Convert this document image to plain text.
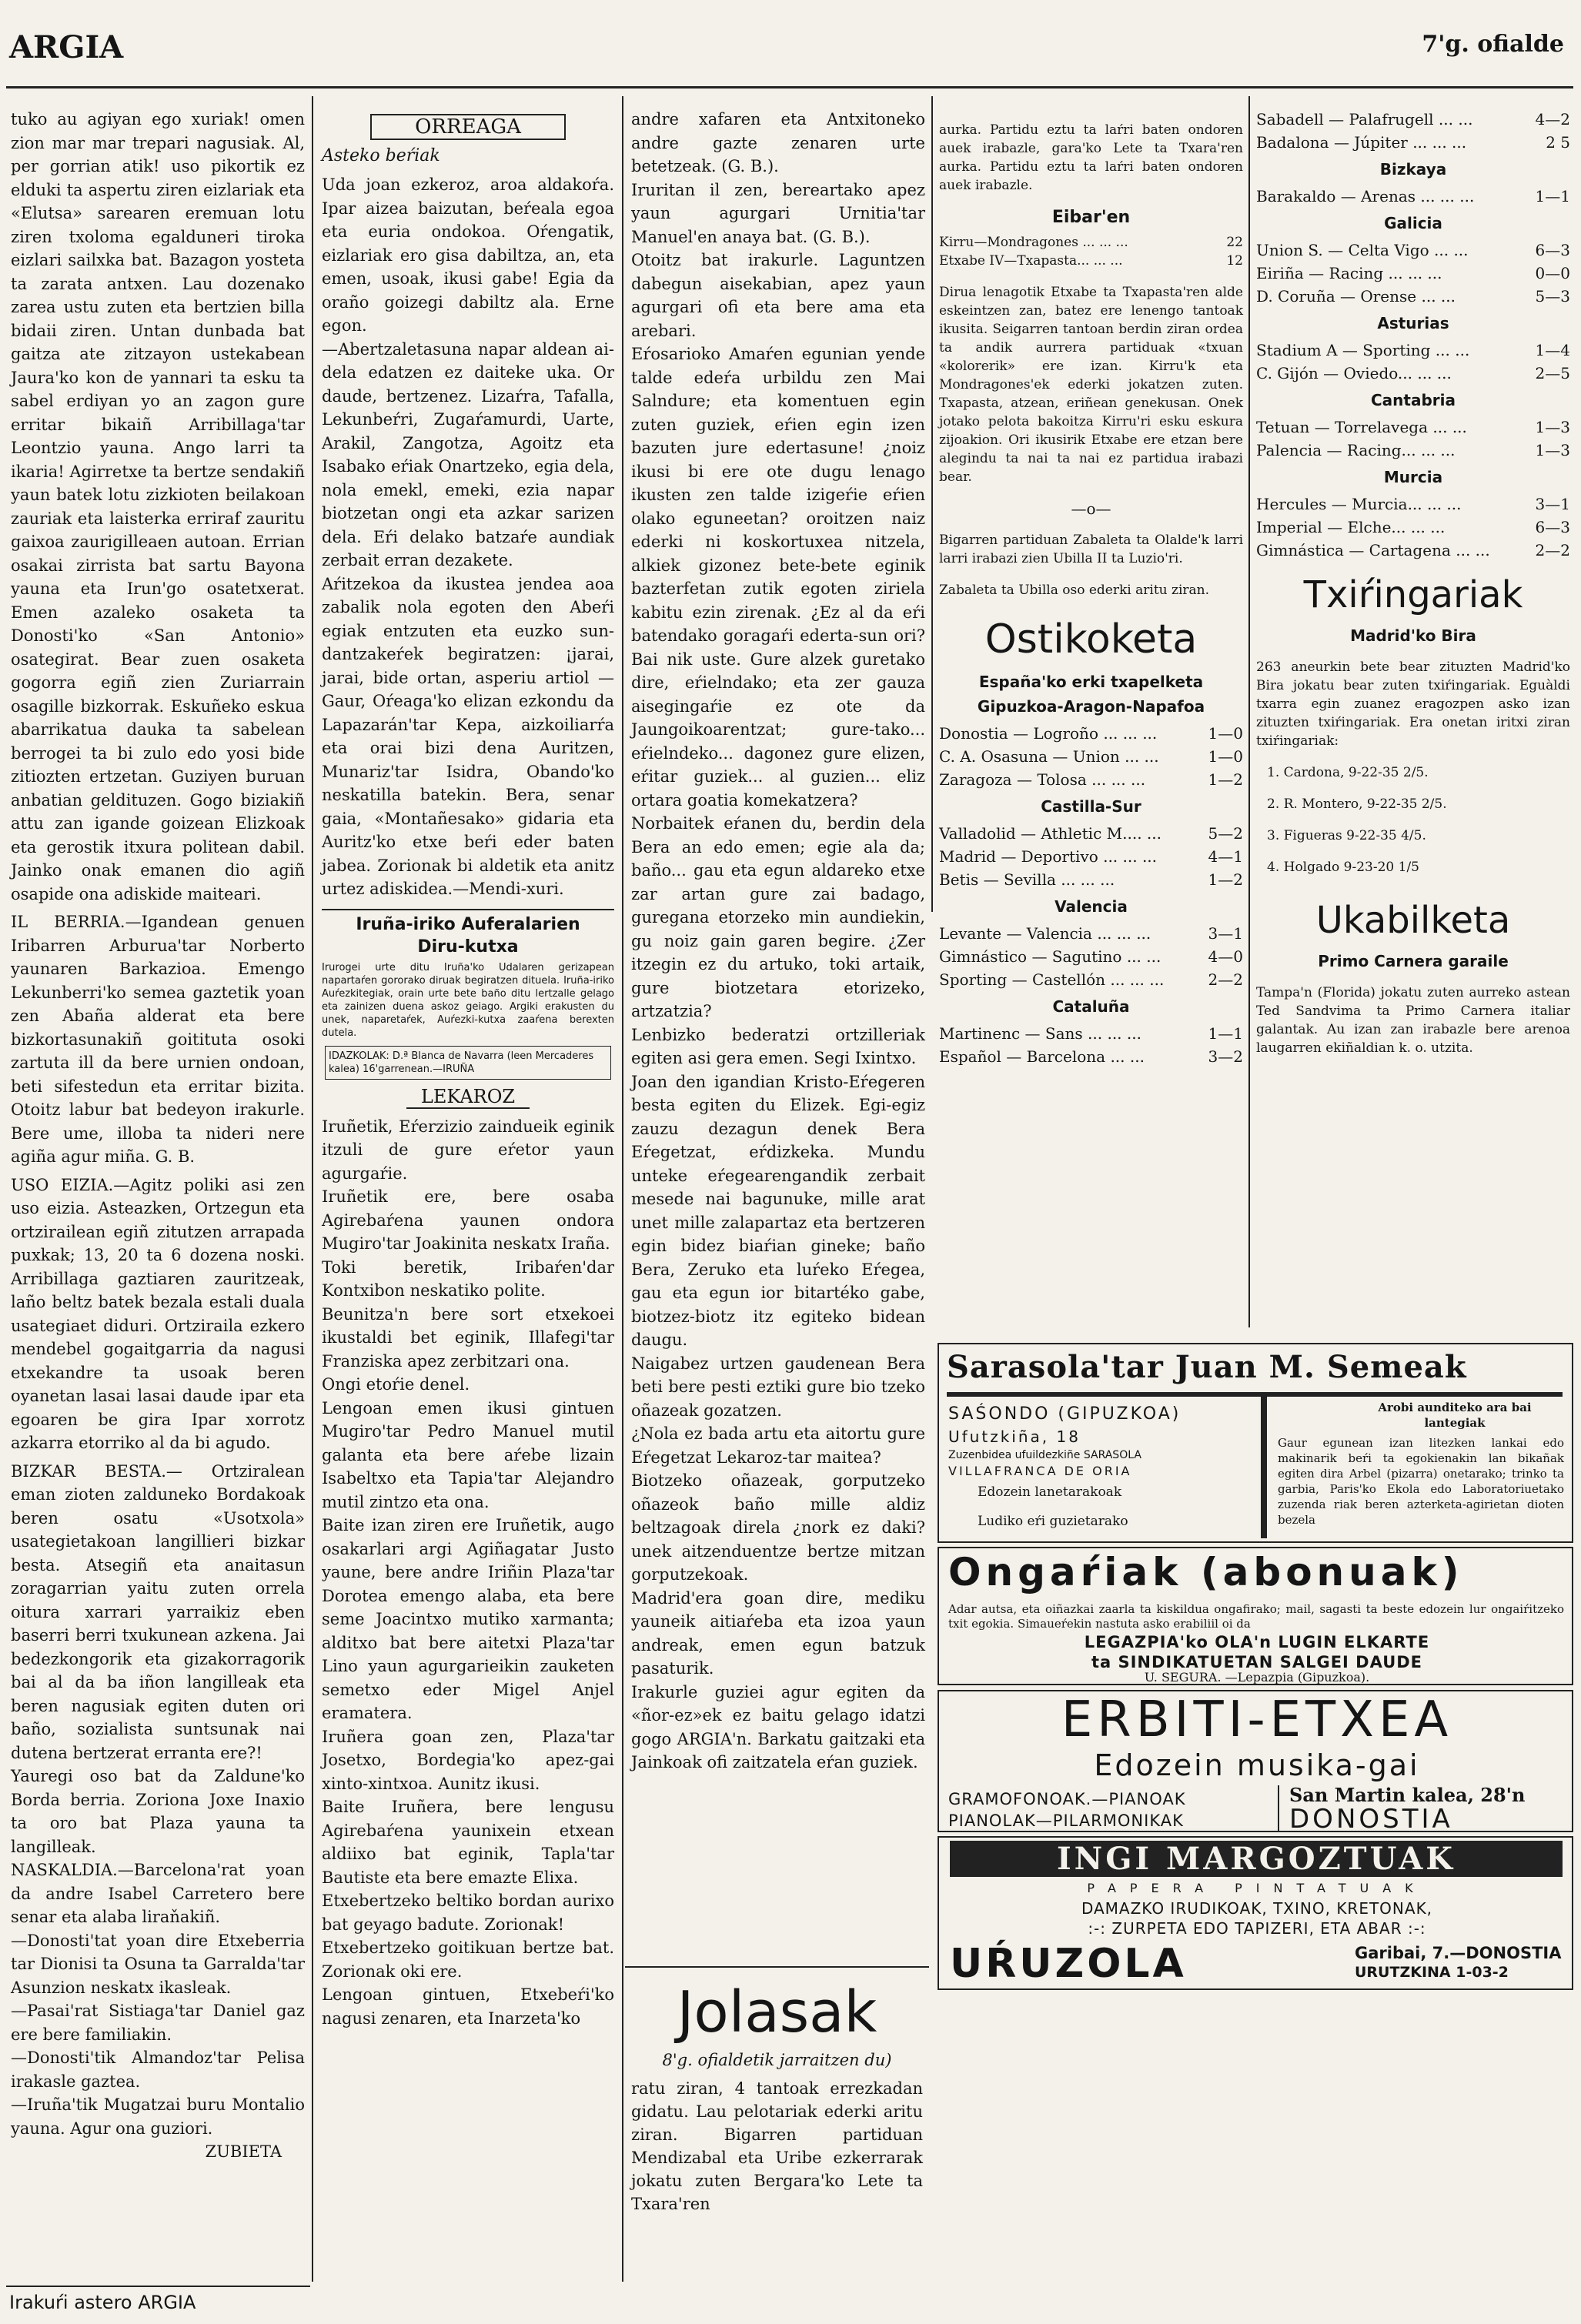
ARGIA	7'g. ofialde

tuko au agiyan ego xuriak! omen zion mar mar trepari nagusiak. Al, per gorrian atik! uso pikortik ez elduki ta aspertu ziren eizlariak eta «Elutsa» sarearen eremuan lotu ziren txoloma egalduneri tiroka eizlari sailxka bat. Bazagon yosteta ta zarata antxen. Lau dozenako zarea ustu zuten eta bertzien billa bidaii ziren. Untan dunbada bat gaitza ate zitzayon ustekabean Jaura'ko kon de yannari ta esku ta sabel erdiyan yo an zagon gure erritar bikaiñ Arribillaga'tar Leontzio yauna. Ango larri ta ikaria! Agirretxe ta bertze sendakiñ yaun batek lotu zizkioten beilakoan zauriak eta laisterka erriraf zauritu gaixoa zaurigilleaen autoan. Errian osakai zirrista bat sartu Bayona yauna eta Irun'go osatetxerat. Emen azaleko osaketa ta Donosti'ko «San Antonio» osategirat. Bear zuen osaketa gogorra egiñ zien Zuriarrain osagille bizkorrak. Eskuñeko eskua abarrikatua dauka ta sabelean berrogei ta bi zulo edo yosi bide zitiozten ertzetan. Guziyen buruan anbatian geldituzen. Gogo biziakiñ attu zan igande goizean Elizkoak eta gerostik itxura politean dabil. Jainko onak emanen dio agiñ osapide ona adiskide maiteari.

IL BERRIA.—Igandean genuen Iribarren Arburua'tar Norberto yaunaren Barkazioa. Emengo Lekunberri'ko semea gaztetik yoan zen Abaña alderat eta bere bizkortasunakiñ goitituta osoki zartuta ill da bere urnien ondoan, beti sifestedun eta erritar bizita. Otoitz labur bat bedeyon irakurle. Bere ume, illoba ta nideri nere agiña agur miña. G. B.

USO EIZIA.—Agitz poliki asi zen uso eizia. Asteazken, Ortzegun eta ortzirailean egiñ zitutzen arrapada puxkak; 13, 20 ta 6 dozena noski. Arribillaga gaztiaren zauritzeak, laño beltz batek bezala estali duala usategiaet diduri. Ortziraila ezkero mendebel gogaitgarria da nagusi etxekandre ta usoak beren oyanetan lasai lasai daude ipar eta egoaren be gira Ipar xorrotz azkarra etorriko al da bi agudo.

BIZKAR BESTA.— Ortziralean eman zioten zalduneko Bordakoak beren osatu «Usotxola» usategietakoan langillieri bizkar besta. Atsegiñ eta anaitasun zoragarrian yaitu zuten orrela oitura xarrari yarraikiz eben baserri berri txukunean azkena. Jai bedezkongorik eta gizakorragorik bai al da ba iñon langilleak eta beren nagusiak egiten duten ori baño, sozialista suntsunak nai dutena bertzerat erranta ere?!

Yauregi oso bat da Zaldune'ko Borda berria. Zoriona Joxe Inaxio ta oro bat Plaza yauna ta langilleak.

NASKALDIA.—Barcelona'rat yoan da andre Isabel Carretero bere senar eta alaba liraňakiñ.

—Donosti'tat yoan dire Etxeberria tar Dionisi ta Osuna ta Garralda'tar Asunzion neskatx ikasleak.

—Pasai'rat Sistiaga'tar Daniel gaz ere bere familiakin.

—Donosti'tik Almandoz'tar Pelisa irakasle gaztea.

—Iruña'tik Mugatzai buru Montalio yauna. Agur ona guziori.

ZUBIETA

ORREAGA
Asteko beŕiak

Uda joan ezkeroz, aroa aldakoŕa. Ipar aizea baizutan, beŕeala egoa eta euria ondokoa. Oŕengatik, eizlariak ero gisa dabiltza, an, eta emen, usoak, ikusi gabe! Egia da oraño goizegi dabiltz ala. Erne egon.

—Abertzaletasuna napar aldean ai-dela edatzen ez daiteke uka. Or daude, bertzenez. Lizaŕra, Tafalla, Lekunbeŕri, Zugaŕamurdi, Uarte, Arakil, Zangotza, Agoitz eta Isabako eŕiak Onartzeko, egia dela, nola emekl, emeki, ezia napar biotzetan ongi eta azkar sarizen dela. Eŕi delako batzaŕe aundiak zerbait erran dezakete.

Aŕitzekoa da ikustea jendea aoa zabalik nola egoten den Abeŕi egiak entzuten eta euzko sun-dantzakeŕek begiratzen: ¡jarai, jarai, bide ortan, asperiu artiol —Gaur, Oŕeaga'ko elizan ezkondu da Lapazarán'tar Kepa, aizkoiliarŕa eta orai bizi dena Auritzen, Munariz'tar Isidra, Obando'ko neskatilla batekin. Bera, senar gaia, «Montañesako» gidaria eta Auritz'ko etxe beŕi eder baten jabea. Zorionak bi aldetik eta anitz urtez adiskidea.—Mendi-xuri.

Iruña-iriko Auferalarien
Diru-kutxa
Irurogei urte ditu Iruña'ko Udalaren gerizapean napartaŕen gororako diruak begiratzen dituela. Iruña-iriko Auŕezkitegiak, orain urte bete baño ditu lertzalle gelago eta zainizen duena askoz geiago. Argiki erakusten du unek, naparetaŕek, Auŕezki-kutxa zaaŕena berexten dutela.
IDAZKOLAK: D.ª Blanca de Navarra (leen Mercaderes kalea) 16'garrenean.—IRUÑA
LEKAROZ

Iruñetik, Eŕerzizio zaindueik eginik itzuli de gure eŕetor yaun agurgaŕie.

Iruñetik ere, bere osaba Agirebaŕena yaunen ondora Mugiro'tar Joakinita neskatx Iraña.

Toki beretik, Iribaŕen'dar Kontxibon neskatiko polite.

Beunitza'n bere sort etxekoei ikustaldi bet eginik, Illafegi'tar Franziska apez zerbitzari ona.

Ongi etoŕie denel.

Lengoan emen ikusi gintuen Mugiro'tar Pedro Manuel mutil galanta eta bere aŕebe lizain Isabeltxo eta Tapia'tar Alejandro mutil zintzo eta ona.

Baite izan ziren ere Iruñetik, augo osakarlari argi Agiñagatar Justo yaune, bere andre Iriñin Plaza'tar Dorotea emengo alaba, eta bere seme Joacintxo mutiko xarmanta; alditxo bat bere aitetxi Plaza'tar Lino yaun agurgarieikin zauketen semetxo eder Migel Anjel eramatera.

Iruñera goan zen, Plaza'tar Josetxo, Bordegia'ko apez-gai xinto-xintxoa. Aunitz ikusi.

Baite Iruñera, bere lengusu Agirebaŕena yaunixein etxean aldiixo bat eginik, Tapla'tar Bautiste eta bere emazte Elixa.

Etxebertzeko beltiko bordan aurixo bat geyago badute. Zorionak!

Etxebertzeko goitikuan bertze bat. Zorionak oki ere.

Lengoan gintuen, Etxebeŕi'ko nagusi zenaren, eta Inarzeta'ko

andre xafaren eta Antxitoneko andre gazte zenaren urte betetzeak. (G. B.).

Iruritan il zen, bereartako apez yaun agurgari Urnitia'tar Manuel'en anaya bat. (G. B.).

Otoitz bat irakurle. Laguntzen dabegun aisekabian, apez yaun agurgari ofi eta bere ama eta arebari.

Eŕosarioko Amaŕen egunian yende talde edeŕa urbildu zen Mai Salndure; eta komentuen egin zuten guziek, eŕien egin izen bazuten jure edertasune! ¿noiz ikusi bi ere ote dugu lenago ikusten zen talde izigeŕie eŕien olako eguneetan? oroitzen naiz ederki ni koskortuxea nitzela, alkiek gizonez bete-bete eginik bazterfetan zutik egoten ziriela kabitu ezin zirenak. ¿Ez al da eŕi batendako goragaŕi ederta-sun ori? Bai nik uste. Gure alzek guretako dire, eŕielndako; eta zer gauza aisegingaŕie ez ote da Jaungoikoarentzat; gure-tako... eŕielndeko... dagonez gure elizen, eŕitar guziek... al guzien... eliz ortara goatia komekatzera?

Norbaitek eŕanen du, berdin dela Bera an edo emen; egie ala da; baño... gau eta egun aldareko etxe zar artan gure zai badago, guregana etorzeko min aundiekin, gu noiz gain garen begire. ¿Zer itzegin ez du artuko, toki artaik, gure biotzetara etorizeko, artzatzia?

Lenbizko bederatzi ortzilleriak egiten asi gera emen. Segi Ixintxo.

Joan den igandian Kristo-Eŕegeren besta egiten du Elizek. Egi-egiz zauzu dezagun denek Bera Eŕegetzat, eŕdizkeka. Mundu unteke eŕegearengandik zerbait mesede nai bagunuke, mille arat unet mille zalapartaz eta bertzeren egin bidez biaŕian gineke; baño Bera, Zeruko eta luŕeko Eŕegea, gau eta egun ior bitartéko gabe, biotzez-biotz itz egiteko bidean daugu.

Naigabez urtzen gaudenean Bera beti bere pesti eztiki gure bio tzeko oñazeak gozatzen.

¿Nola ez bada artu eta aitortu gure Eŕegetzat Lekaroz-tar maitea?

Biotzeko oñazeak, gorputzeko oñazeok baño mille aldiz beltzagoak direla ¿nork ez daki? unek aitzenduentze bertze mitzan gorputzekoak.

Madrid'era goan dire, mediku yauneik aitiaŕeba eta izoa yaun andreak, emen egun batzuk pasaturik.

Irakurle guziei agur egiten da «ñor-ez»ek ez baitu gelago idatzi gogo ARGIA'n. Barkatu gaitzaki eta Jainkoak ofi zaitzatela eŕan guziek.

Jolasak
8'g. ofialdetik jarraitzen du)
ratu ziran, 4 tantoak errezkadan gidatu. Lau pelotariak ederki aritu ziran. Bigarren partiduan Mendizabal eta Uribe ezkerrarak jokatu zuten Bergara'ko Lete ta Txara'ren

aurka. Partidu eztu ta laŕri baten ondoren auek irabazle, gara'ko Lete ta Txara'ren aurka. Partidu eztu ta laŕri baten ondoren auek irabazle.

Eibar'en
Kirru—Mondragones ... ... ...	22
Etxabe IV—Txapasta... ... ...	12

Dirua lenagotik Etxabe ta Txapasta'ren alde eskeintzen zan, batez ere lenengo tantoak ikusita. Seigarren tantoan berdin ziran ordea ta andik aurrera partiduak «txuan «kolorerik» ere izan. Kirru'k eta Mondragones'ek ederki jokatzen zuten. Txapasta, atzean, eriñean genekusan. Onek jotako pelota bakoitza Kirru'ri esku eskura zijoakion. Ori ikusirik Etxabe ere etzan bere alegindu ta nai ta nai ez partidua irabazi bear.

—o—

Bigarren partiduan Zabaleta ta Olalde'k larri larri irabazi zien Ubilla II ta Luzio'ri.

Zabaleta ta Ubilla oso ederki aritu ziran.

Ostikoketa
España'ko erki txapelketa
Gipuzkoa-Aragon-Napafoa
Donostia — Logroño ... ... ...	1—0
C. A. Osasuna — Union ... ...	1—0
Zaragoza — Tolosa ... ... ...	1—2
Castilla-Sur
Valladolid — Athletic M.... ...	5—2
Madrid — Deportivo ... ... ...	4—1
Betis — Sevilla ... ... ...	1—2
Valencia
Levante — Valencia ... ... ...	3—1
Gimnástico — Sagutino ... ...	4—0
Sporting — Castellón ... ... ...	2—2
Cataluña
Martinenc — Sans ... ... ...	1—1
Español — Barcelona ... ...	3—2
Sabadell — Palafrugell ... ...	4—2
Badalona — Júpiter ... ... ...	2 5
Bizkaya
Barakaldo — Arenas ... ... ...	1—1
Galicia
Union S. — Celta Vigo ... ...	6—3
Eiriña — Racing ... ... ...	0—0
D. Coruña — Orense ... ...	5—3
Asturias
Stadium A — Sporting ... ...	1—4
C. Gijón — Oviedo... ... ...	2—5
Cantabria
Tetuan — Torrelavega ... ...	1—3
Palencia — Racing... ... ...	1—3
Murcia
Hercules — Murcia... ... ...	3—1
Imperial — Elche... ... ...	6—3
Gimnástica — Cartagena ... ...	2—2
Txiŕingariak
Madrid'ko Bira

263 aneurkin bete bear zituzten Madrid'ko Bira jokatu bear zuten txiŕingariak. Eguàldi txarra egin zuanez eragozpen asko izan zituzten txiŕingariak. Era onetan iritxi ziran txiŕingariak:

1. Cardona, 9-22-35 2/5.

2. R. Montero, 9-22-35 2/5.

3. Figueras 9-22-35 4/5.

4. Holgado 9-23-20 1/5

Ukabilketa
Primo Carnera garaile

Tampa'n (Florida) jokatu zuten aurreko astean Ted Sandvima ta Primo Carnera italiar galantak. Au izan zan irabazle bere arenoa laugarren ekiñaldian k. o. utzita.

Sarasola'tar Juan M. Semeak
SAŚONDO (GIPUZKOA)
Ufutzkiña, 18
Zuzenbidea ufuildezkiñe SARASOLA
VILLAFRANCA DE ORIA
Edozein lanetarakoak
Ludiko eŕi guzietarako
Arobi aunditeko ara bai lantegiak
Gaur egunean izan litezken lankai edo makinarik beŕi ta egokienakin lan bikañak egiten dira Arbel (pizarra) onetarako; trinko ta garbia, Paris'ko Ekola edo Laboratoriuetako zuzenda riak beren azterketa-agirietan dioten bezela
Ongaŕiak (abonuak)
Adar autsa, eta oiñazkai zaarla ta kiskildua ongafirako; mail, sagasti ta beste edozein lur ongaiŕitzeko txit egokia. Simaueŕekin nastuta asko erabiliil oi da
LEGAZPIA'ko OLA'n LUGIN ELKARTE
ta SINDIKATUETAN SALGEI DAUDE
U. SEGURA. —Lepazpia (Gipuzkoa).
ERBITI-ETXEA
Edozein musika-gai
GRAMOFONOAK.—PIANOAK
PIANOLAK—PILARMONIKAK
San Martin kalea, 28'n
DONOSTIA
INGI MARGOZTUAK
PAPERA PINTATUAK
DAMAZKO IRUDIKOAK, TXINO, KRETONAK,
:-: ZURPETA EDO TAPIZERI, ETA ABAR :-:
UŔUZOLA	Garibai, 7.—DONOSTIA
URUTZKINA 1-03-2
Irakuŕi astero ARGIA
